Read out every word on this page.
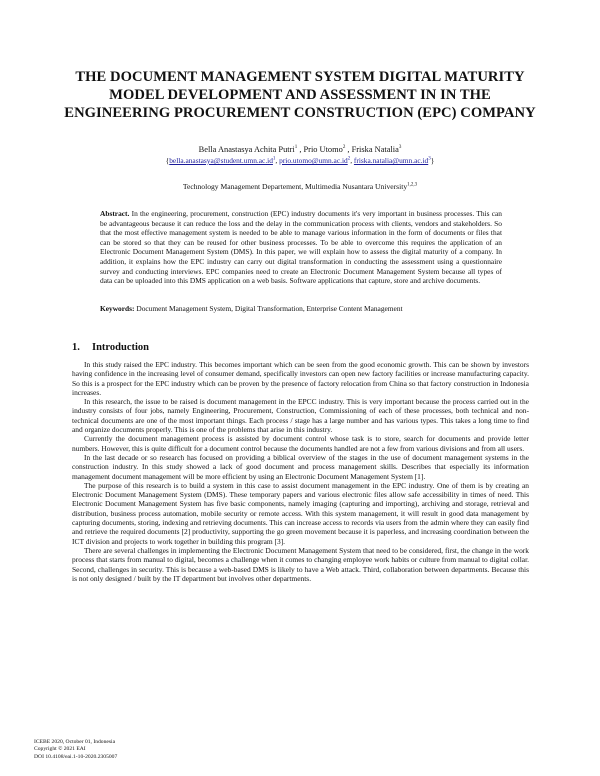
THE DOCUMENT MANAGEMENT SYSTEM DIGITAL MATURITY MODEL DEVELOPMENT AND ASSESSMENT IN IN THE ENGINEERING PROCUREMENT CONSTRUCTION (EPC) COMPANY
Bella Anastasya Achita Putri$^1$ , Prio Utomo$^2$ , Friska Natalia$^3$
{$bella.anastasya@student.umn.ac.id^1$, $prio.utomo@umn.ac.id^2$, $friska.natalia@umn.ac.id^3$}
Technology Management Departement, Multimedia Nusantara University$^{1,2,3}$

Abstract. In the engineering, procurement, construction (EPC) industry documents it's very important in business processes. This can be advantageous because it can reduce the loss and the delay in the communication process with clients, vendors and stakeholders. So that the most effective management system is needed to be able to manage various information in the form of documents or files that can be stored so that they can be reused for other business processes. To be able to overcome this requires the application of an Electronic Document Management System (DMS). In this paper, we will explain how to assess the digital maturity of a company. In addition, it explains how the EPC industry can carry out digital transformation in conducting the assessment using a questionnaire survey and conducting interviews. EPC companies need to create an Electronic Document Management System because all types of data can be uploaded into this DMS application on a web basis. Software applications that capture, store and archive documents.

Keywords: Document Management System, Digital Transformation, Enterprise Content Management

1. Introduction

In this study raised the EPC industry. This becomes important which can be seen from the good economic growth. This can be shown by investors having confidence in the increasing level of consumer demand, specifically investors can open new factory facilities or increase manufacturing capacity. So this is a prospect for the EPC industry which can be proven by the presence of factory relocation from China so that factory construction in Indonesia increases.

In this research, the issue to be raised is document management in the EPCC industry. This is very important because the process carried out in the industry consists of four jobs, namely Engineering, Procurement, Construction, Commissioning of each of these processes, both technical and non-technical documents are one of the most important things. Each process / stage has a large number and has various types. This takes a long time to find and organize documents properly. This is one of the problems that arise in this industry.

Currently the document management process is assisted by document control whose task is to store, search for documents and provide letter numbers. However, this is quite difficult for a document control because the documents handled are not a few from various divisions and from all users.

In the last decade or so research has focused on providing a biblical overview of the stages in the use of document management systems in the construction industry. In this study showed a lack of good document and process management skills. Describes that especially its information management document management will be more efficient by using an Electronic Document Management System [1].

The purpose of this research is to build a system in this case to assist document management in the EPC industry. One of them is by creating an Electronic Document Management System (DMS). These temporary papers and various electronic files allow safe accessibility in times of need. This Electronic Document Management System has five basic components, namely imaging (capturing and importing), archiving and storage, retrieval and distribution, business process automation, mobile security or remote access. With this system management, it will result in good data management by capturing documents, storing, indexing and retrieving documents. This can increase access to records via users from the admin where they can easily find and retrieve the required documents [2] productivity, supporting the go green movement because it is paperless, and increasing coordination between the ICT division and projects to work together in building this program [3].

There are several challenges in implementing the Electronic Document Management System that need to be considered, first, the change in the work process that starts from manual to digital, becomes a challenge when it comes to changing employee work habits or culture from manual to digital collar. Second, challenges in security. This is because a web-based DMS is likely to have a Web attack. Third, collaboration between departments. Because this is not only designed / built by the IT department but involves other departments.

ICEBE 2020, October 01, Indonesia
Copyright © 2021 EAI
DOI 10.4108/eai.1-10-2020.2305007
